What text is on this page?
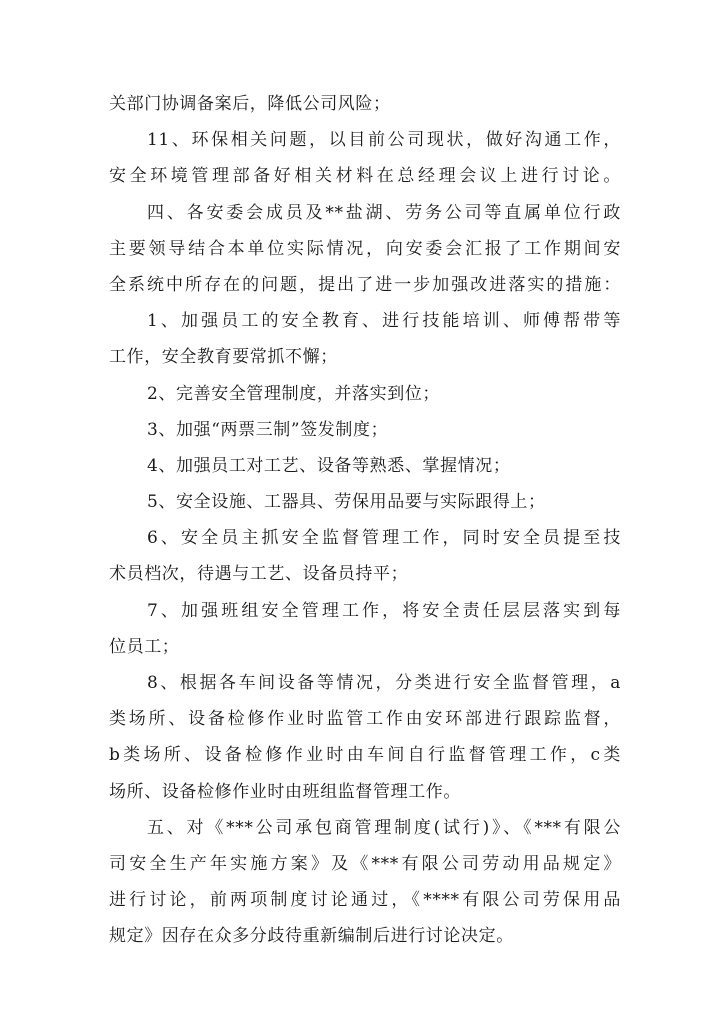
关部门协调备案后，降低公司风险；
11、环保相关问题，以目前公司现状，做好沟通工作，
安全环境管理部备好相关材料在总经理会议上进行讨论。
四、各安委会成员及**盐湖、劳务公司等直属单位行政
主要领导结合本单位实际情况，向安委会汇报了工作期间安
全系统中所存在的问题，提出了进一步加强改进落实的措施：
1、加强员工的安全教育、进行技能培训、师傅帮带等
工作，安全教育要常抓不懈；
2、完善安全管理制度，并落实到位；
3、加强“两票三制”签发制度；
4、加强员工对工艺、设备等熟悉、掌握情况；
5、安全设施、工器具、劳保用品要与实际跟得上；
6、安全员主抓安全监督管理工作，同时安全员提至技
术员档次，待遇与工艺、设备员持平；
7、加强班组安全管理工作，将安全责任层层落实到每
位员工；
8、根据各车间设备等情况，分类进行安全监督管理，a
类场所、设备检修作业时监管工作由安环部进行跟踪监督，
b类场所、设备检修作业时由车间自行监督管理工作，c类
场所、设备检修作业时由班组监督管理工作。
五、对《***公司承包商管理制度(试行)》、《***有限公
司安全生产年实施方案》及《***有限公司劳动用品规定》
进行讨论，前两项制度讨论通过，《****有限公司劳保用品
规定》因存在众多分歧待重新编制后进行讨论决定。
